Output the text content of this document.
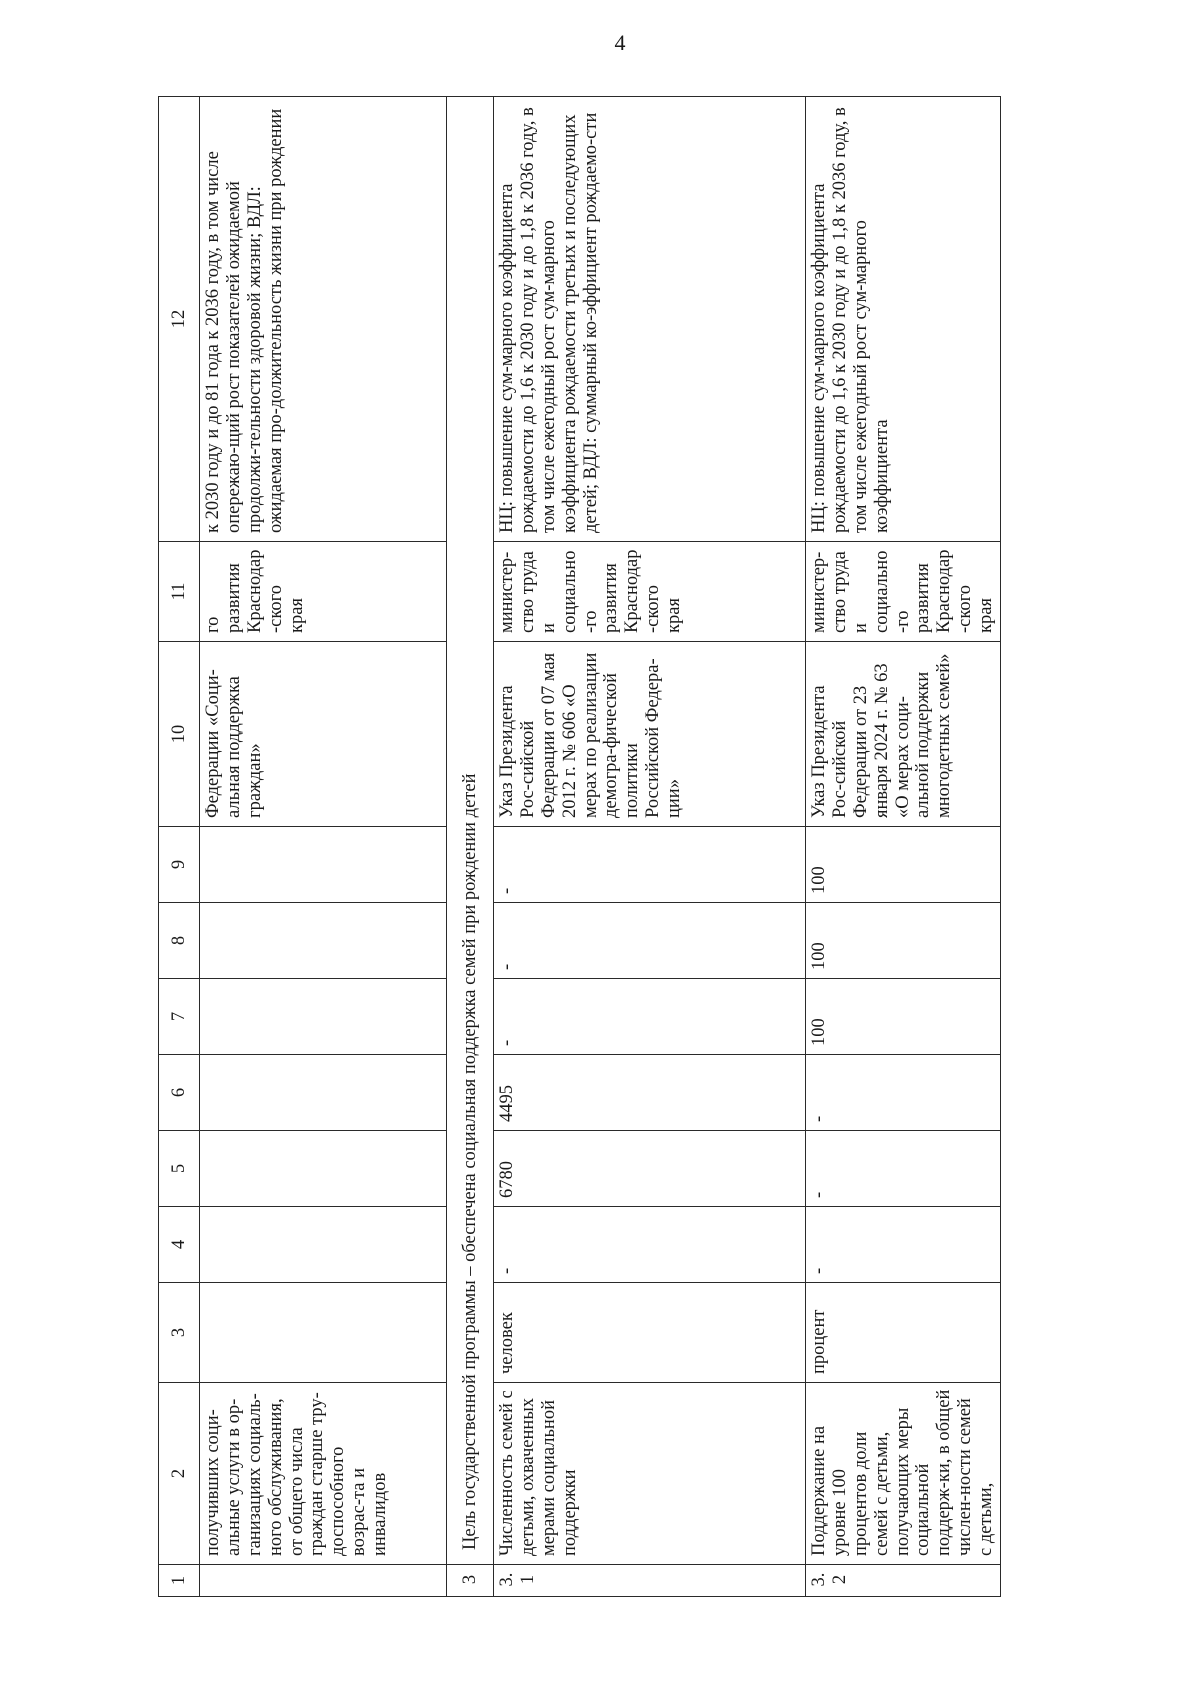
4
1	2	3	4	5	6	7	8	9	10	11	12
	получивших соци-альные услуги в ор-ганизациях социаль-ного обслуживания, от общего числа граждан старше тру-доспособного возрас-та и инвалидов								Федерации «Соци-альная поддержка граждан»	го развития Краснодар-ского края	к 2030 году и до 81 года к 2036 году, в том числе опережаю-щий рост показателей ожидаемой продолжи-тельности здоровой жизни; ВДЛ: ожидаемая про-должительность жизни при рождении
3	Цель государственной программы – обеспечена социальная поддержка семей при рождении детей										
3.1	Численность семей с детьми, охваченных мерами социальной поддержки	человек	-	6780	4495	-	-	-	Указ Президента Рос-сийской Федерации от 07 мая 2012 г. № 606 «О мерах по реализации демогра-фической политики Российской Федера-ции»	министер-ство труда и социально-го развития Краснодар-ского края	НЦ: повышение сум-марного коэффициента рождаемости до 1,6 к 2030 году и до 1,8 к 2036 году, в том числе ежегодный рост сум-марного коэффициента рождаемости третьих и последующих детей; ВДЛ: суммарный ко-эффициент рождаемо-сти
3.2	Поддержание на уровне 100 процентов доли семей с детьми, получающих меры социальной поддерж-ки, в общей числен-ности семей с детьми,	процент	-	-	-	100	100	100	Указ Президента Рос-сийской Федерации от 23 января 2024 г. № 63 «О мерах соци-альной поддержки многодетных семей»	министер-ство труда и социально-го развития Краснодар-ского края	НЦ: повышение сум-марного коэффициента рождаемости до 1,6 к 2030 году и до 1,8 к 2036 году, в том числе ежегодный рост сум-марного коэффициента
